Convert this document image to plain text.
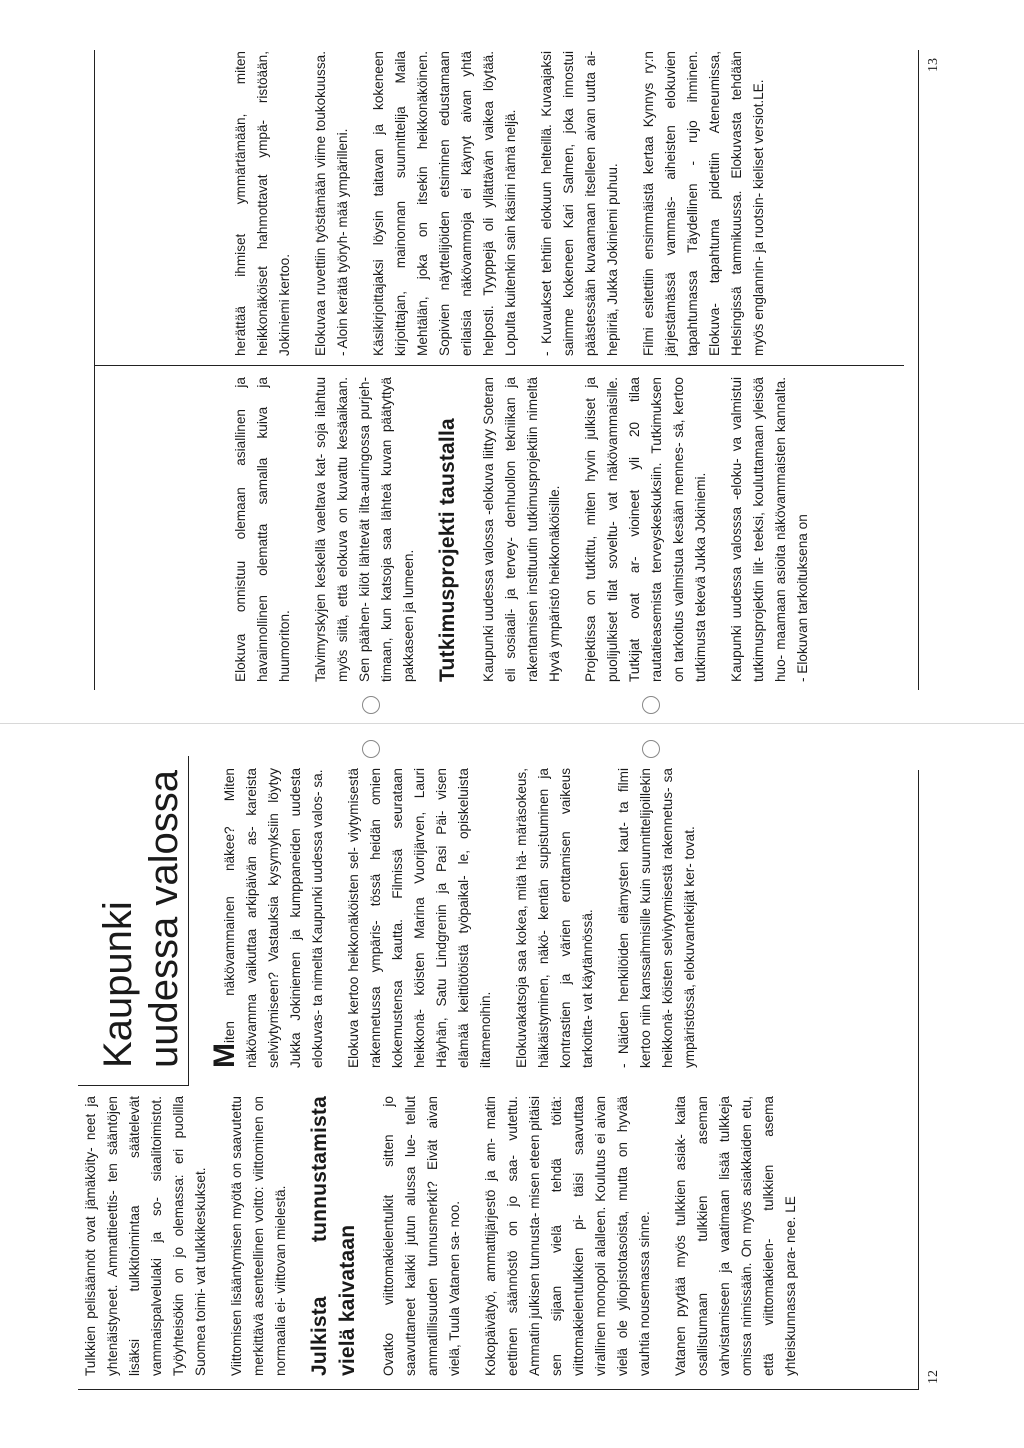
12

Tulkkien pelisäännöt ovat jämäköity- neet ja yhtenäistyneet. Ammattieettis- ten sääntöjen lisäksi tulkkitoimintaa säätelevät vammaispalvelulaki ja so- siaalitoimistot. Työyhteisökin on jo olemassa: eri puolilla Suomea toimi- vat tulkkikeskukset. Viittomisen lisääntymisen myötä on saavutettu merkittävä asenteellinen voitto: viittominen on normaalia ei- viittovan mielestä. Julkista tunnustamista vielä kaivataan Ovatko viittomakielentulkit sitten jo saavuttaneet kaikki jutun alussa lue- tellut ammatillisuuden tunnusmerkit? Eivät aivan vielä, Tuula Vatanen sa- noo. Kokopäivätyö, ammattijärjestö ja am- matin eettinen säännöstö on jo saa- vutettu. Ammatin julkisen tunnusta- misen eteen pitäisi sen sijaan vielä tehdä töitä: viittomakielentulkkien pi- täisi saavuttaa virallinen monopoli alalleen. Koulutus ei aivan vielä ole yliopistotasoista, mutta on hyvää vauhtia nousemassa sinne. Vatanen pyytää myös tulkkien asiak- kaita osallistumaan tulkkien aseman vahvistamiseen ja vaatimaan lisää tulkkeja omissa nimissään. On myös asiakkaiden etu, että viittomakielen- tulkkien asema yhteiskunnassa para- nee. LE

Kaupunki uudessa valossa Miten näkövammainen näkee? Miten näkövamma vaikuttaa arkipäivän as- kareista selviytymiseen? Vastauksia kysymyksiin löytyy Jukka Jokiniemen ja kumppaneiden uudesta elokuvas- ta nimeltä Kaupunki uudessa valos- sa. Elokuva kertoo heikkonäköisten sel- viytymisestä rakennetussa ympäris- tössä heidän omien kokemustensa kautta. Filmissä seurataan heikkonä- köisten Marina Vuorijärven, Lauri Häyhän, Satu Lindgrenin ja Pasi Päi- visen elämää keittiötöistä työpaikal- le, opiskeluista iltamenoihin. Elokuvakatsoja saa kokea, mitä hä- märäsokeus, häikäistyminen, näkö- kentän supistuminen ja kontrastien ja värien erottamisen vaikeus tarkoitta- vat käytännössä. - Näiden henkilöiden elämysten kaut- ta filmi kertoo niin kanssaihmisille kuin suunnittelijoillekin heikkonä- köisten selviytymisestä rakennetus- sa ympäristössä, elokuvantekijät ker- tovat.

13

Elokuva onnistuu olemaan asiallinen ja havainnollinen olematta samalla kuiva ja huumoriton. Talvimyrskyjen keskellä vaeltava kat- soja ilahtuu myös siitä, että elokuva on kuvattu kesäaikaan. Sen päähen- kilöt lähtevät ilta-auringossa purjeh- timaan, kun katsoja saa lähteä kuvan päätyttyä pakkaseen ja lumeen. Tutkimusprojekti taustalla Kaupunki uudessa valossa -elokuva liittyy Soteran eli sosiaali- ja tervey- denhuollon tekniikan ja rakentamisen instituutin tutkimusprojektiin nimeltä Hyvä ympäristö heikkonäköisille. Projektissa on tutkittu, miten hyvin julkiset ja puolijulkiset tilat soveltu- vat näkövammaisille. Tutkijat ovat ar- vioineet yli 20 tilaa rautatieasemista terveyskeskuksiin. Tutkimuksen on tarkoitus valmistua kesään mennes- sä, kertoo tutkimusta tekevä Jukka Jokiniemi. Kaupunki uudessa valosssa -eloku- va valmistui tutkimusprojektin liit- teeksi, kouluttamaan yleisöä huo- maamaan asioita näkövammaisten kannalta. - Elokuvan tarkoituksena on

herättää ihmiset ymmärtämään, miten heikkonäköiset hahmottavat ympä- ristöään, Jokiniemi kertoo. Elokuvaa ruvettiin työstämään viime toukokuussa. - Aloin kerätä työryh- mää ympärilleni. Käsikirjoittajaksi löysin taitavan ja kokeneen kirjoittajan, mainonnan suunnittelija Maila Mehtälän, joka on itsekin heikkonäköinen. Sopivien näyttelijöiden etsiminen edustamaan erilaisia näkövammoja ei käynyt aivan yhtä helposti. Tyyppejä oli yllättävän vaikea löytää. Lopulta kuitenkin sain käsiini nämä neljä. - Kuvaukset tehtiin elokuun helteillä. Kuvaajaksi saimme kokeneen Kari Salmen, joka innostui päästessään kuvaamaan itselleen aivan uutta ai- hepiiriä, Jukka Jokiniemi puhuu. Filmi esitettiin ensimmäistä kertaa Kynnys ry:n järjestämässä vammais- aiheisten elokuvien tapahtumassa Täydellinen - rujo ihminen. Elokuva- tapahtuma pidettiin Ateneumissa, Helsingissä tammikuussa. Elokuvasta tehdään myös englannin- ja ruotsin- kieliset versiot.LE.
